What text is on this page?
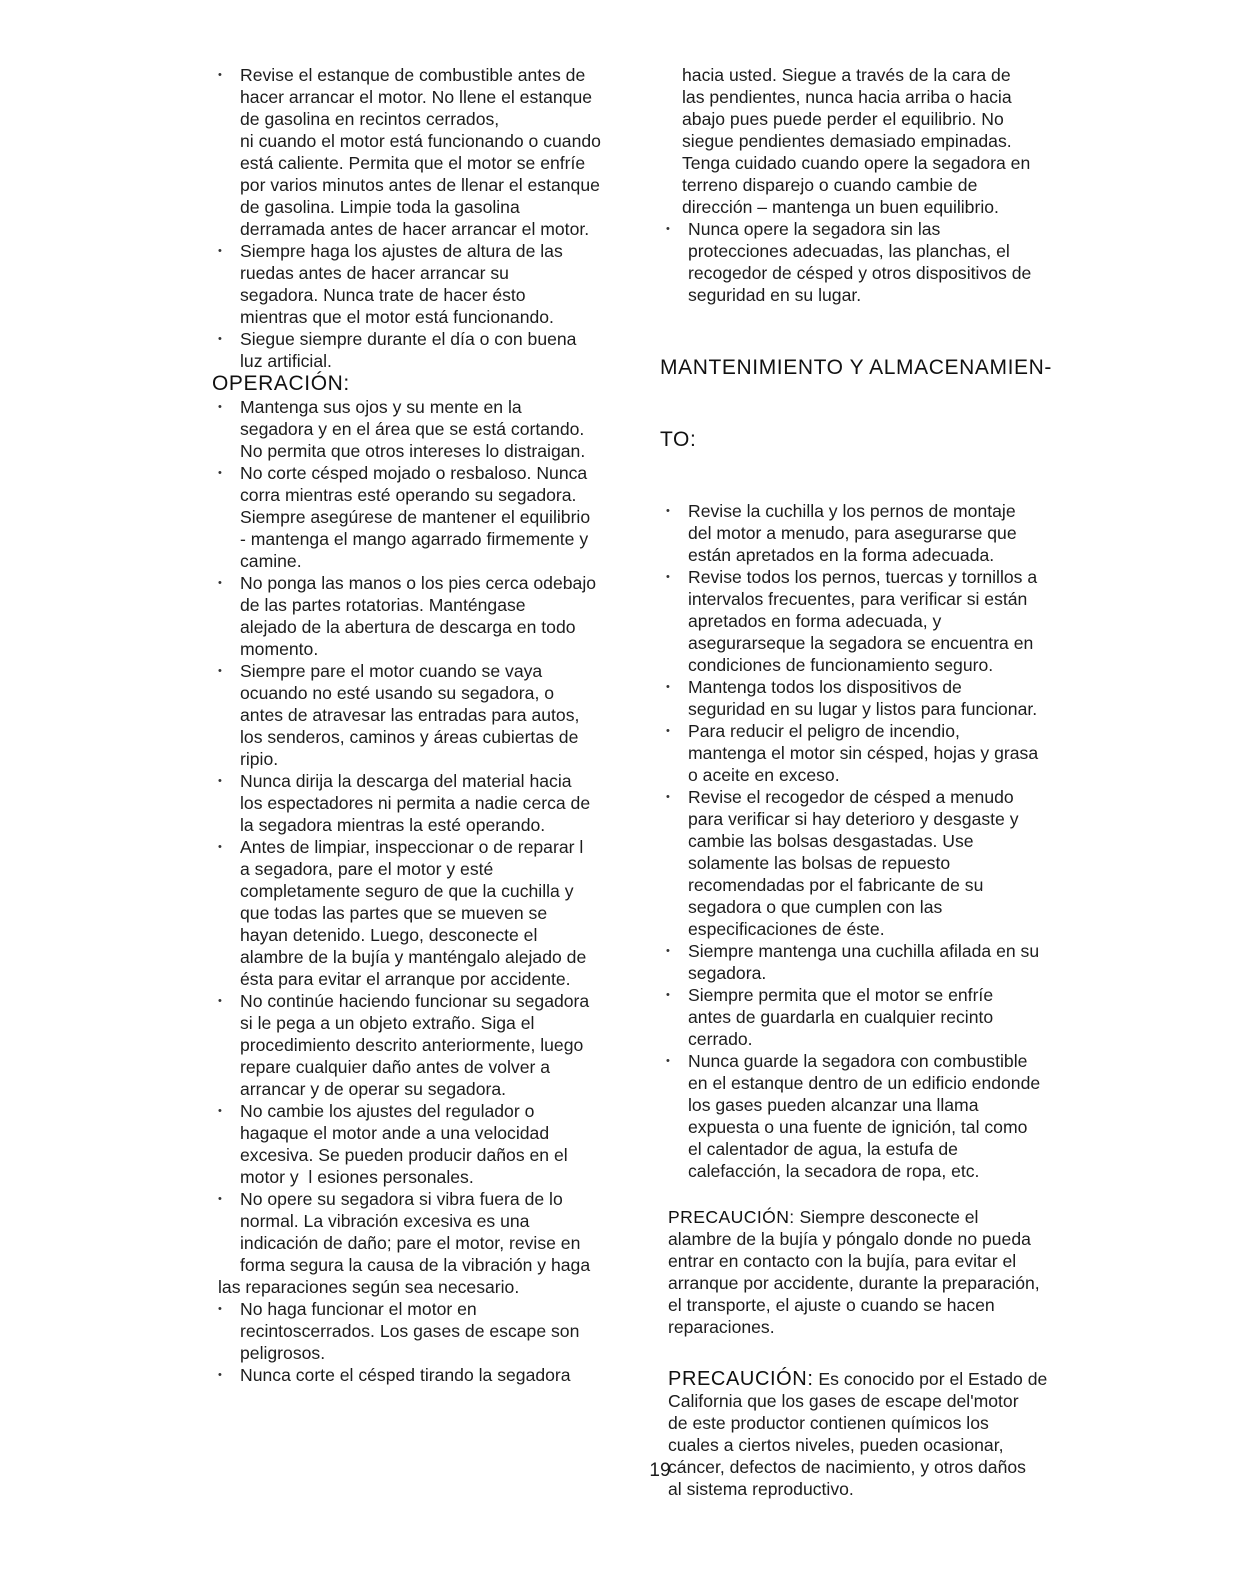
• Revise el estanque de combustible antes de
hacer arrancar el motor. No llene el estanque
de gasolina en recintos cerrados,
ni cuando el motor está funcionando o cuando
está caliente. Permita que el motor se enfríe
por varios minutos antes de llenar el estanque
de gasolina. Limpie toda la gasolina
derramada antes de hacer arrancar el motor.
• Siempre haga los ajustes de altura de las
ruedas antes de hacer arrancar su
segadora. Nunca trate de hacer ésto
mientras que el motor está funcionando.
• Siegue siempre durante el día o con buena
luz artificial.
OPERACIÓN:
• Mantenga sus ojos y su mente en la
segadora y en el área que se está cortando.
No permita que otros intereses lo distraigan.
• No corte césped mojado o resbaloso. Nunca
corra mientras esté operando su segadora.
Siempre asegúrese de mantener el equilibrio
- mantenga el mango agarrado firmemente y
camine.
• No ponga las manos o los pies cerca odebajo
de las partes rotatorias. Manténgase
alejado de la abertura de descarga en todo
momento.
• Siempre pare el motor cuando se vaya
ocuando no esté usando su segadora, o
antes de atravesar las entradas para autos,
los senderos, caminos y áreas cubiertas de
ripio.
• Nunca dirija la descarga del material hacia
los espectadores ni permita a nadie cerca de
la segadora mientras la esté operando.
• Antes de limpiar, inspeccionar o de reparar l
a segadora, pare el motor y esté
completamente seguro de que la cuchilla y
que todas las partes que se mueven se
hayan detenido. Luego, desconecte el
alambre de la bujía y manténgalo alejado de
ésta para evitar el arranque por accidente.
• No continúe haciendo funcionar su segadora
si le pega a un objeto extraño. Siga el
procedimiento descrito anteriormente, luego
repare cualquier daño antes de volver a
arrancar y de operar su segadora.
• No cambie los ajustes del regulador o
hagaque el motor ande a una velocidad
excesiva. Se pueden producir daños en el
motor y  l esiones personales.
• No opere su segadora si vibra fuera de lo
normal. La vibración excesiva es una
indicación de daño; pare el motor, revise en
forma segura la causa de la vibración y haga
las reparaciones según sea necesario.
• No haga funcionar el motor en
recintoscerrados. Los gases de escape son
peligrosos.
• Nunca corte el césped tirando la segadora
hacia usted. Siegue a través de la cara de
las pendientes, nunca hacia arriba o hacia
abajo pues puede perder el equilibrio. No
siegue pendientes demasiado empinadas.
Tenga cuidado cuando opere la segadora en
terreno disparejo o cuando cambie de
dirección – mantenga un buen equilibrio.
• Nunca opere la segadora sin las
protecciones adecuadas, las planchas, el
recogedor de césped y otros dispositivos de
seguridad en su lugar.

MANTENIMIENTO Y ALMACENAMIEN-

TO:

• Revise la cuchilla y los pernos de montaje
del motor a menudo, para asegurarse que
están apretados en la forma adecuada.
• Revise todos los pernos, tuercas y tornillos a
intervalos frecuentes, para verificar si están
apretados en forma adecuada, y
asegurarseque la segadora se encuentra en
condiciones de funcionamiento seguro.
• Mantenga todos los dispositivos de
seguridad en su lugar y listos para funcionar.
• Para reducir el peligro de incendio,
mantenga el motor sin césped, hojas y grasa
o aceite en exceso.
• Revise el recogedor de césped a menudo
para verificar si hay deterioro y desgaste y
cambie las bolsas desgastadas. Use
solamente las bolsas de repuesto
recomendadas por el fabricante de su
segadora o que cumplen con las
especificaciones de éste.
• Siempre mantenga una cuchilla afilada en su
segadora.
• Siempre permita que el motor se enfríe
antes de guardarla en cualquier recinto
cerrado.
• Nunca guarde la segadora con combustible
en el estanque dentro de un edificio endonde
los gases pueden alcanzar una llama
expuesta o una fuente de ignición, tal como
el calentador de agua, la estufa de
calefacción, la secadora de ropa, etc.
PRECAUCIÓN: Siempre desconecte el
alambre de la bujía y póngalo donde no pueda
entrar en contacto con la bujía, para evitar el
arranque por accidente, durante la preparación,
el transporte, el ajuste o cuando se hacen
reparaciones.
PRECAUCIÓN: Es conocido por el Estado de
California que los gases de escape del'motor
de este productor contienen químicos los
cuales a ciertos niveles, pueden ocasionar,
cáncer, defectos de nacimiento, y otros daños
al sistema reproductivo.
19
